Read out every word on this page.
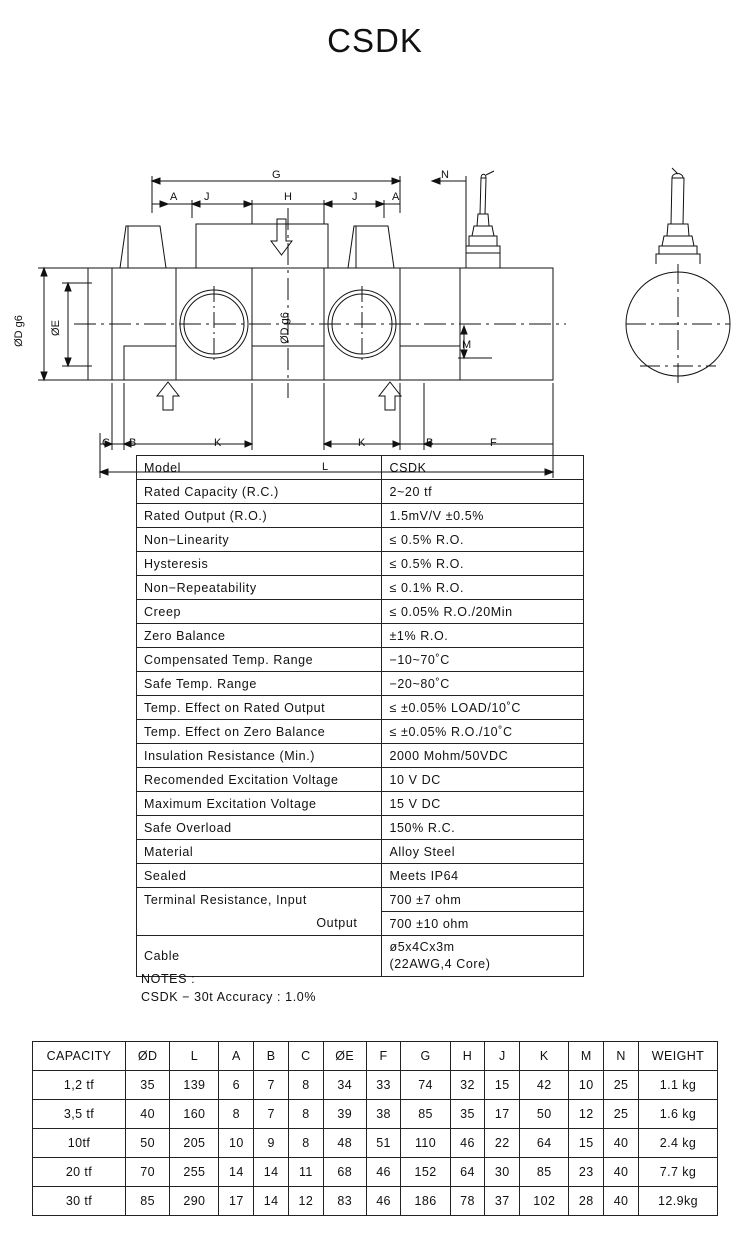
CSDK
G	N
A J	H	J	A
ØD g6 ØE	ØD g6
M
C B	K	K	B	F
L
Model	CSDK
Rated Capacity (R.C.)	2~20 tf
Rated Output (R.O.)	1.5mV/V ±0.5%
Non−Linearity	≤ 0.5% R.O.
Hysteresis	≤ 0.5% R.O.
Non−Repeatability	≤ 0.1% R.O.
Creep	≤ 0.05% R.O./20Min
Zero Balance	±1% R.O.
Compensated Temp. Range	−10~70˚C
Safe Temp. Range	−20~80˚C
Temp. Effect on Rated Output	≤ ±0.05% LOAD/10˚C
Temp. Effect on Zero Balance	≤ ±0.05% R.O./10˚C
Insulation Resistance (Min.)	2000 Mohm/50VDC
Recomended Excitation Voltage	10 V DC
Maximum Excitation Voltage	15 V DC
Safe Overload	150% R.C.
Material	Alloy Steel
Sealed	Meets IP64
Terminal Resistance, Input	700 ±7 ohm
Output	700 ±10 ohm
Cable	ø5x4Cx3m
(22AWG,4 Core)
NOTES :
CSDK − 30t Accuracy : 1.0%
CAPACITY	ØD	L	A	B	C	ØE	F	G	H	J	K	M	N	WEIGHT
1,2 tf	35	139	6	7	8	34	33	74	32	15	42	10	25	1.1 kg
3,5 tf	40	160	8	7	8	39	38	85	35	17	50	12	25	1.6 kg
10tf	50	205	10	9	8	48	51	110	46	22	64	15	40	2.4 kg
20 tf	70	255	14	14	11	68	46	152	64	30	85	23	40	7.7 kg
30 tf	85	290	17	14	12	83	46	186	78	37	102	28	40	12.9kg
